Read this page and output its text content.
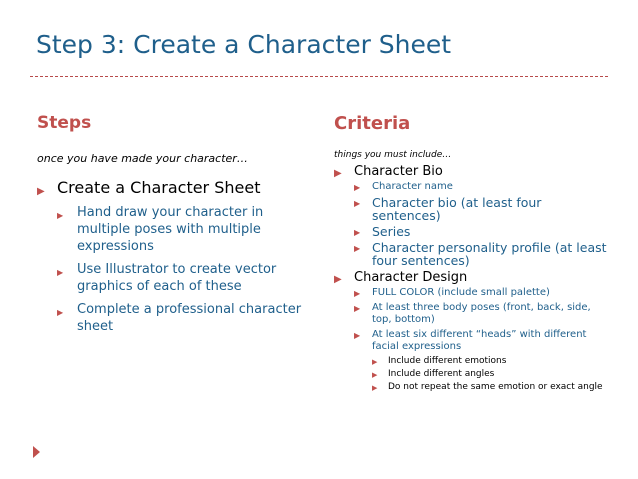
Step 3: Create a Character Sheet
Steps	Criteria
once you have made your character…
▶ Create a Character Sheet
▶ Hand draw your character in multiple poses with multiple expressions
▶ Use Illustrator to create vector graphics of each of these
▶ Complete a professional character sheet
things you must include…
▶ Character Bio
▶ Character name
▶ Character bio (at least four sentences)
▶ Series
▶ Character personality profile (at least four sentences)
▶ Character Design
▶ FULL COLOR (include small palette)
▶ At least three body poses (front, back, side, top, bottom)
▶ At least six different “heads” with different facial expressions
▶ Include different emotions
▶ Include different angles
▶ Do not repeat the same emotion or exact angle
